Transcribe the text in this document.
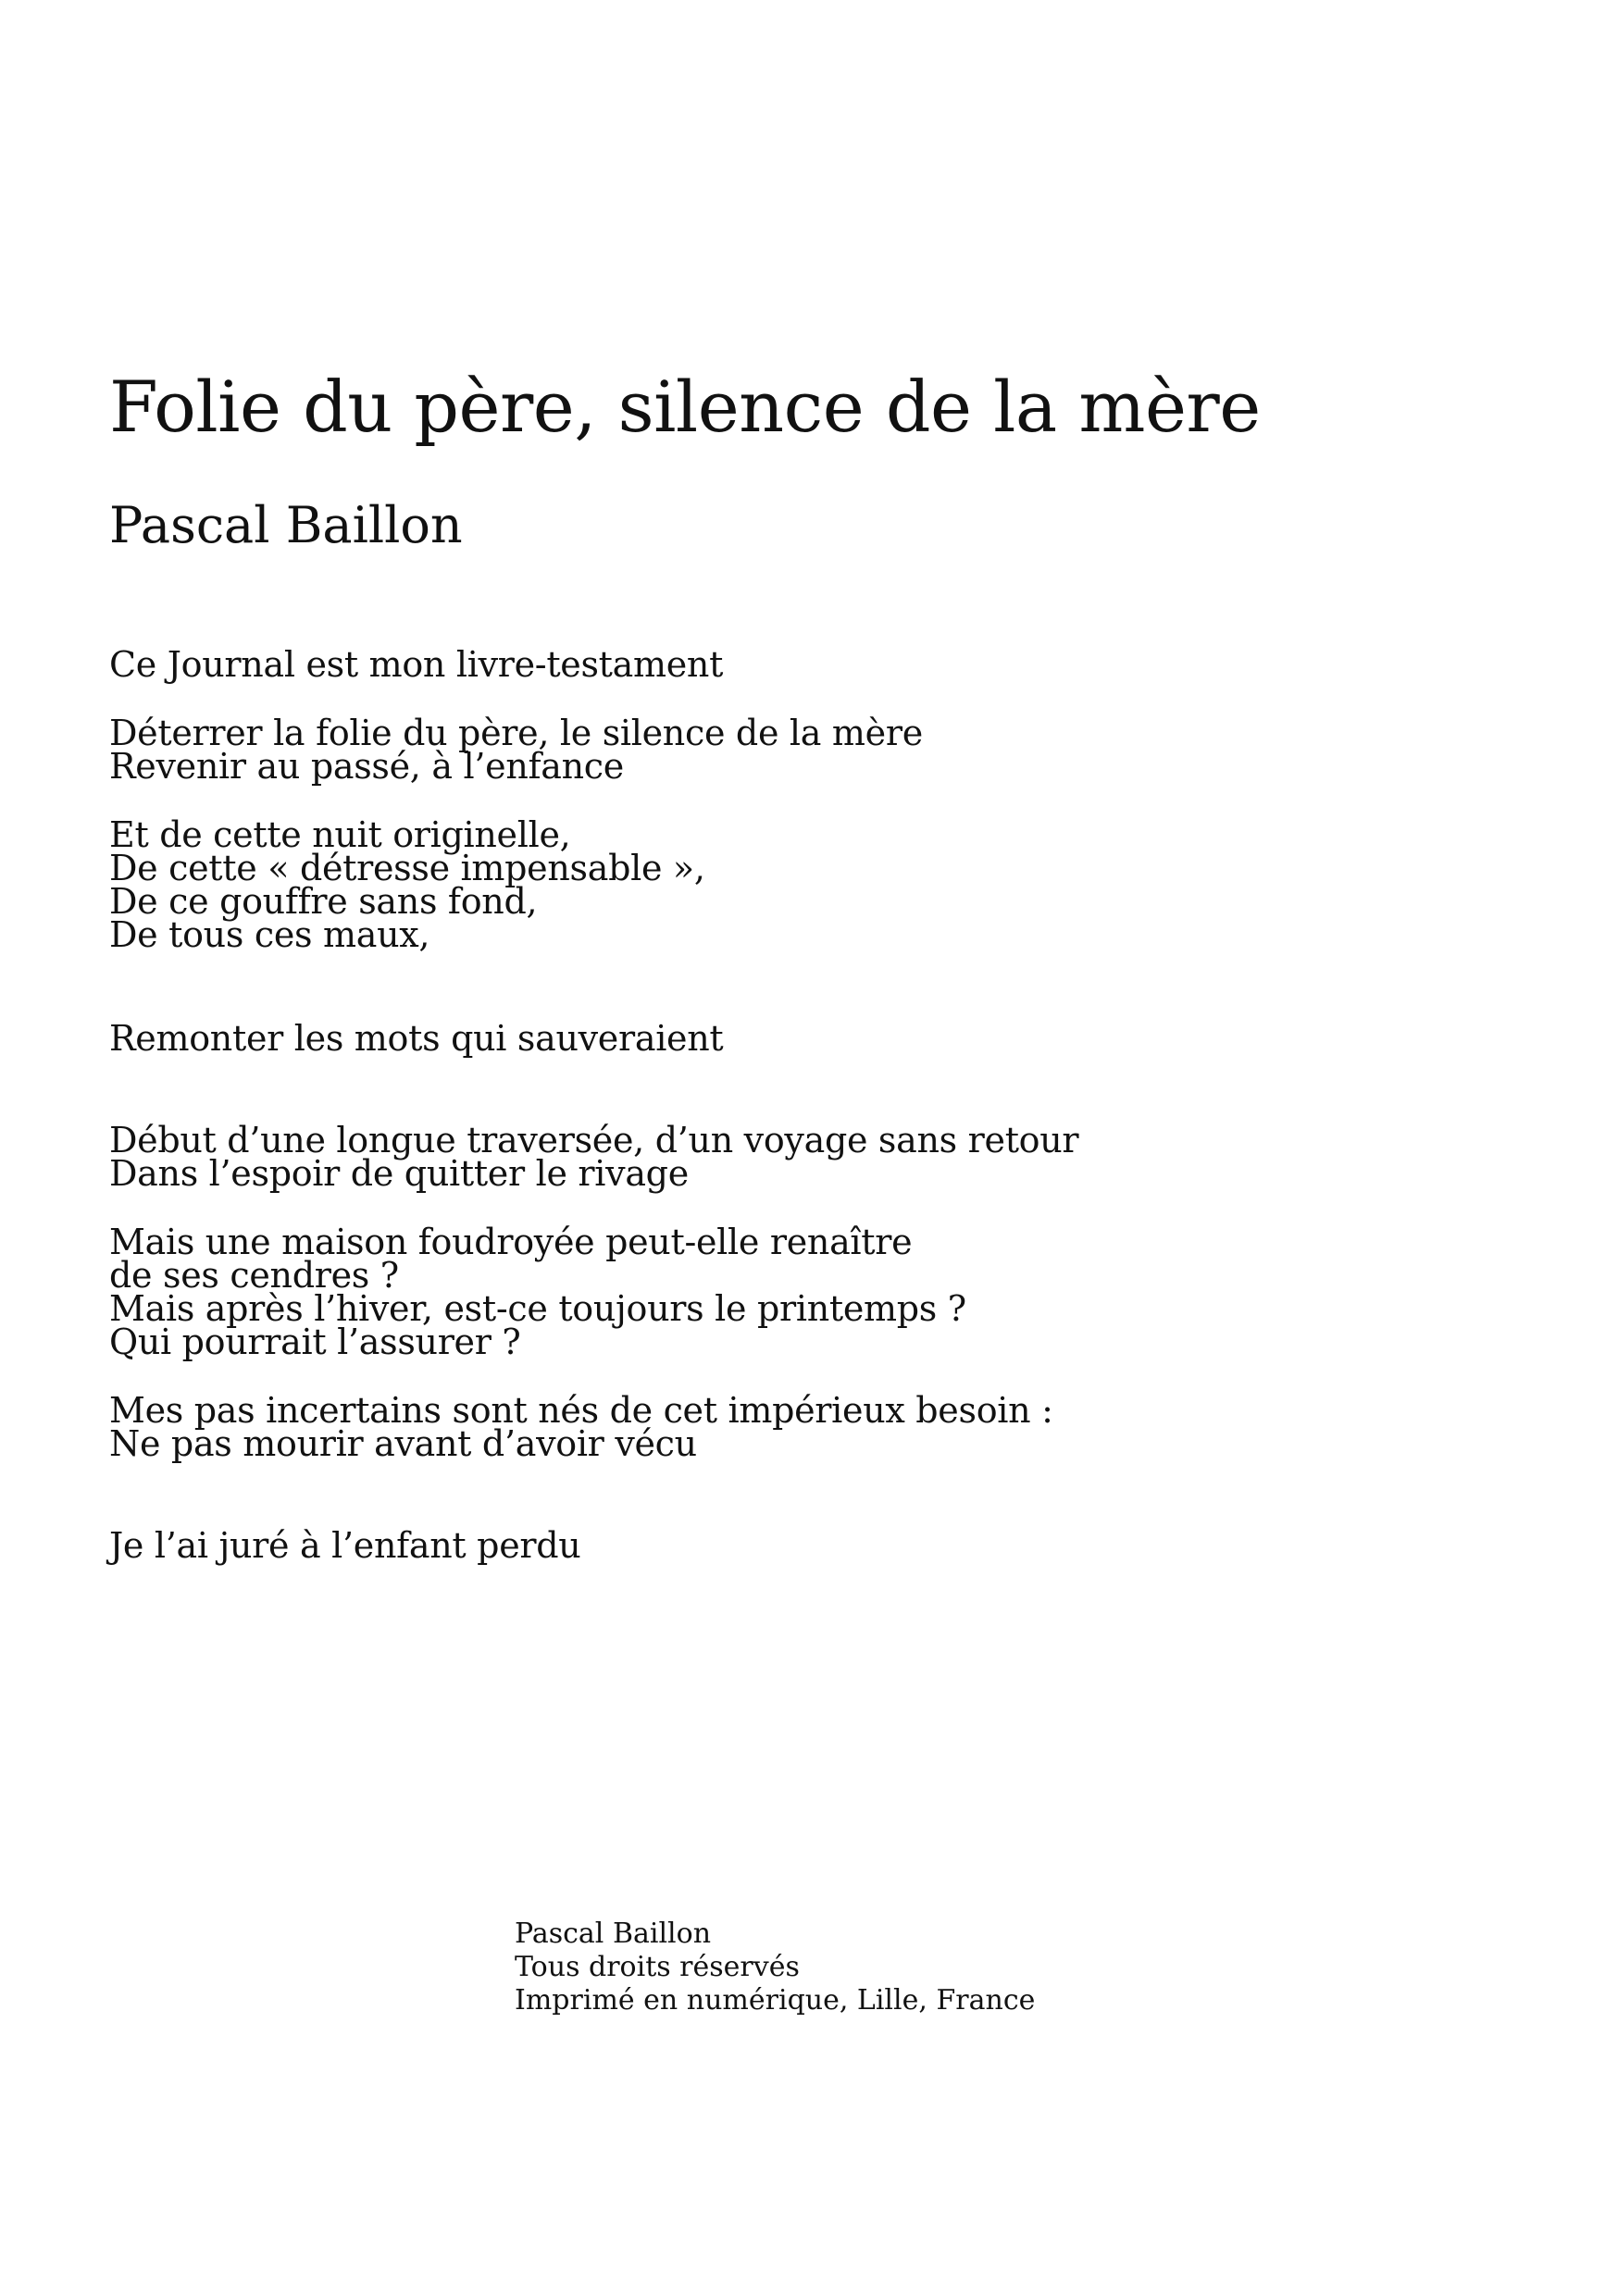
Folie du père, silence de la mère
Pascal Baillon
Ce Journal est mon livre-testament
Déterrer la folie du père, le silence de la mère
Revenir au passé, à l’enfance
Et de cette nuit originelle,
De cette « détresse impensable »,
De ce gouffre sans fond,
De tous ces maux,
Remonter les mots qui sauveraient
Début d’une longue traversée, d’un voyage sans retour
Dans l’espoir de quitter le rivage
Mais une maison foudroyée peut-elle renaître
de ses cendres ?
Mais après l’hiver, est-ce toujours le printemps ?
Qui pourrait l’assurer ?
Mes pas incertains sont nés de cet impérieux besoin :
Ne pas mourir avant d’avoir vécu
Je l’ai juré à l’enfant perdu
Pascal Baillon
Tous droits réservés
Imprimé en numérique, Lille, France
